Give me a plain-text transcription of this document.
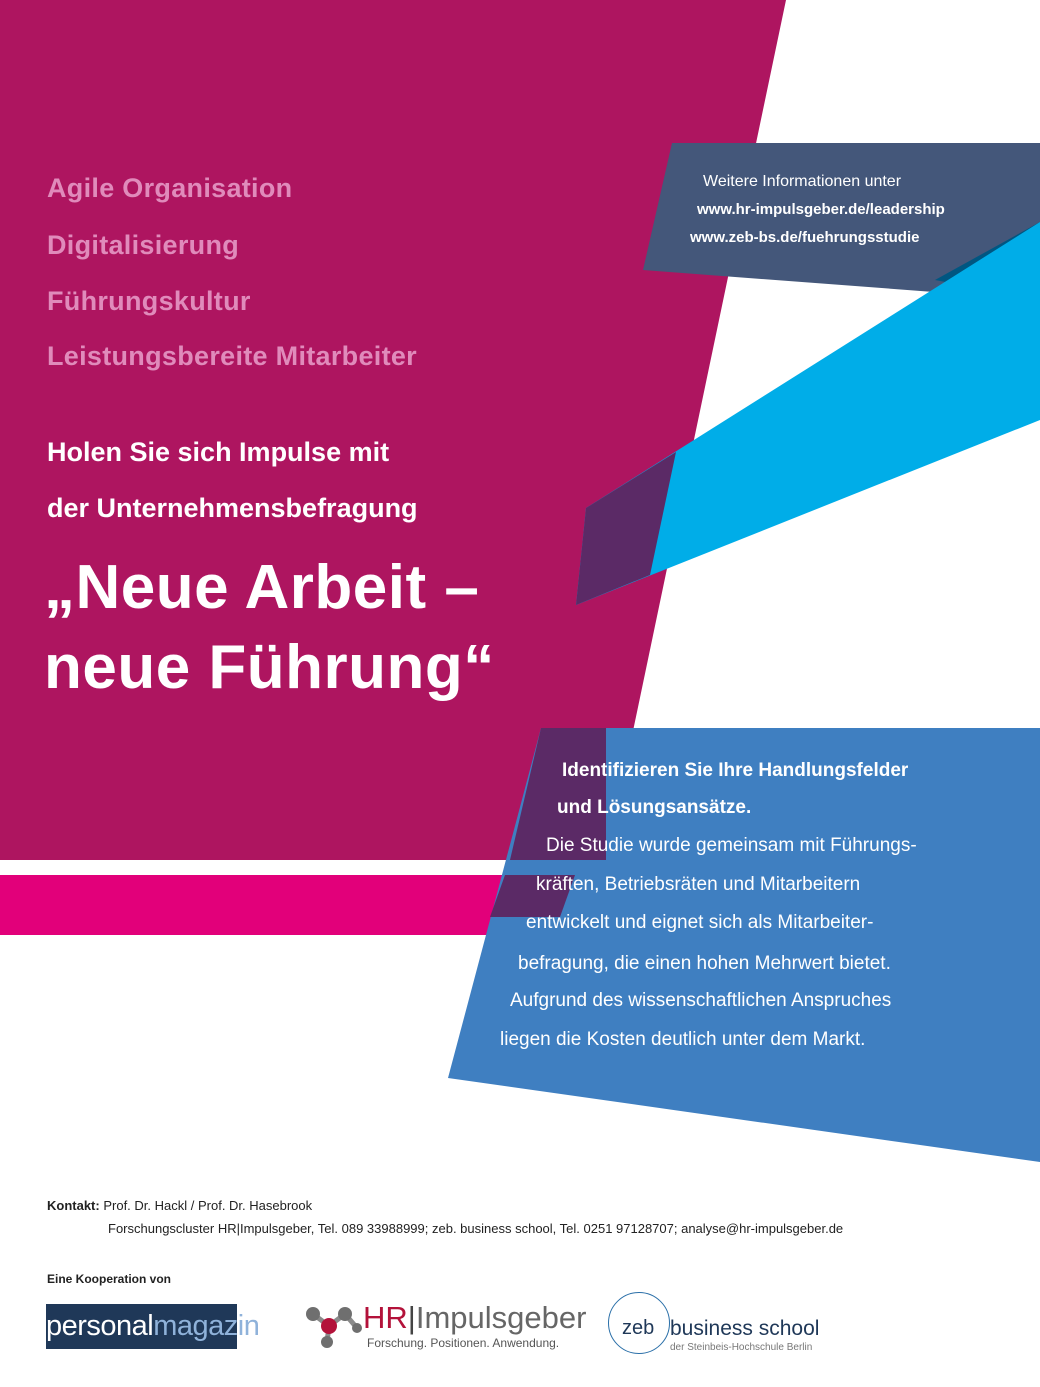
Agile Organisation
Digitalisierung
Führungskultur
Leistungsbereite Mitarbeiter
Holen Sie sich Impulse mit
der Unternehmensbefragung
„Neue Arbeit –
neue Führung“
Weitere Informationen unter
www.hr-impulsgeber.de/leadership
www.zeb-bs.de/fuehrungsstudie
Identifizieren Sie Ihre Handlungsfelder
und Lösungsansätze.
Die Studie wurde gemeinsam mit Führungs-
kräften, Betriebsräten und Mitarbeitern
entwickelt und eignet sich als Mitarbeiter-
befragung, die einen hohen Mehrwert bietet.
Aufgrund des wissenschaftlichen Anspruches
liegen die Kosten deutlich unter dem Markt.
Kontakt: Prof. Dr. Hackl / Prof. Dr. Hasebrook
Forschungscluster HR|Impulsgeber, Tel. 089 33988999; zeb. business school, Tel. 0251 97128707; analyse@hr-impulsgeber.de
Eine Kooperation von
personalmagazin	HR|Impulsgeber
Forschung. Positionen. Anwendung.
zeb business school
der Steinbeis-Hochschule Berlin
